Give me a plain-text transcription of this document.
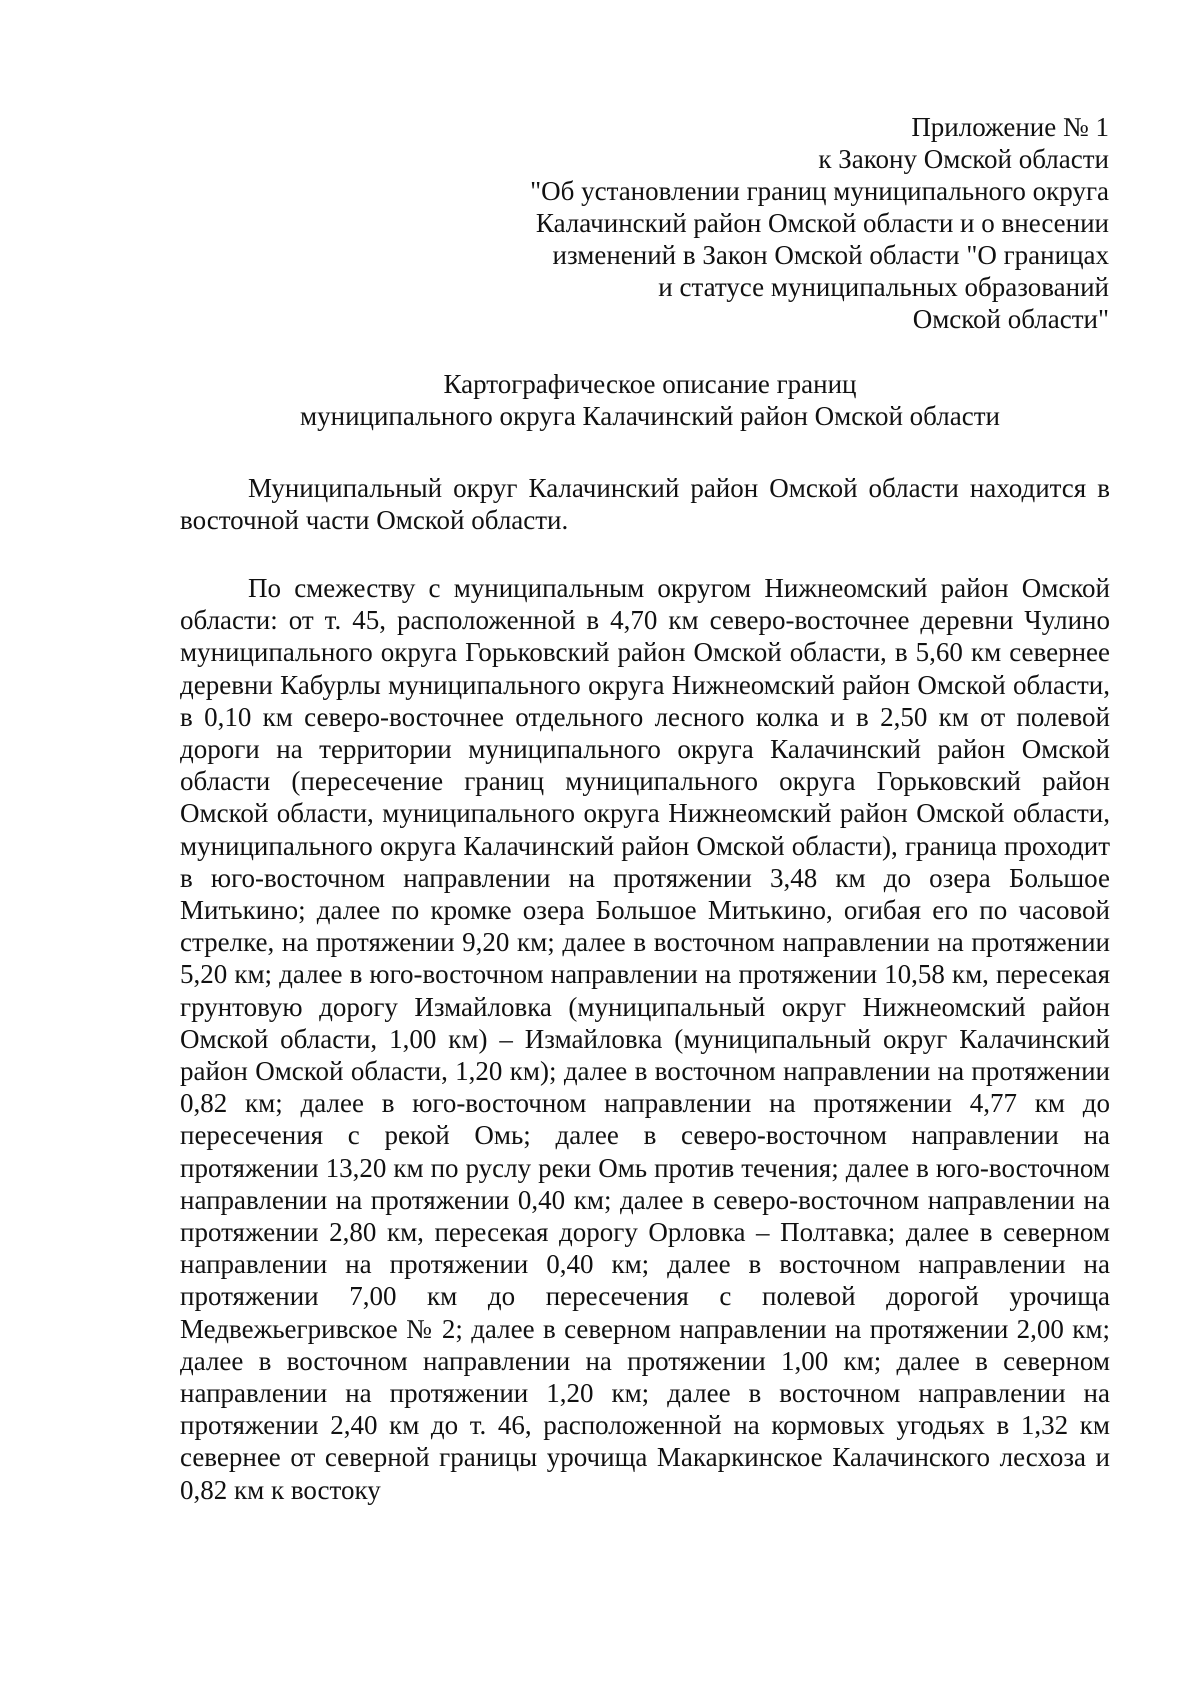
Приложение № 1
к Закону Омской области
"Об установлении границ муниципального округа
Калачинский район Омской области и о внесении
изменений в Закон Омской области "О границах
и статусе муниципальных образований
Омской области"
Картографическое описание границ
муниципального округа Калачинский район Омской области

Муниципальный округ Калачинский район Омской области находится в восточной части Омской области.

По смежеству с муниципальным округом Нижнеомский район Омской области: от т. 45, расположенной в 4,70 км северо-восточнее деревни Чулино муниципального округа Горьковский район Омской области, в 5,60 км севернее деревни Кабурлы муниципального округа Нижнеомский район Омской области, в 0,10 км северо-восточнее отдельного лесного колка и в 2,50 км от полевой дороги на территории муниципального округа Калачинский район Омской области (пересечение границ муниципального округа Горьковский район Омской области, муниципального округа Нижнеомский район Омской области, муниципального округа Калачинский район Омской области), граница проходит в юго-восточном направлении на протяжении 3,48 км до озера Большое Митькино; далее по кромке озера Большое Митькино, огибая его по часовой стрелке, на протяжении 9,20 км; далее в восточном направлении на протяжении 5,20 км; далее в юго-восточном направлении на протяжении 10,58 км, пересекая грунтовую дорогу Измайловка (муниципальный округ Нижнеомский район Омской области, 1,00 км) – Измайловка (муниципальный округ Калачинский район Омской области, 1,20 км); далее в восточном направлении на протяжении 0,82 км; далее в юго-восточном направлении на протяжении 4,77 км до пересечения с рекой Омь; далее в северо-восточном направлении на протяжении 13,20 км по руслу реки Омь против течения; далее в юго-восточном направлении на протяжении 0,40 км; далее в северо-восточном направлении на протяжении 2,80 км, пересекая дорогу Орловка – Полтавка; далее в северном направлении на протяжении 0,40 км; далее в восточном направлении на протяжении 7,00 км до пересечения с полевой дорогой урочища Медвежьегривское № 2; далее в северном направлении на протяжении 2,00 км; далее в восточном направлении на протяжении 1,00 км; далее в северном направлении на протяжении 1,20 км; далее в восточном направлении на протяжении 2,40 км до т. 46, расположенной на кормовых угодьях в 1,32 км севернее от северной границы урочища Макаркинское Калачинского лесхоза и 0,82 км к востоку
